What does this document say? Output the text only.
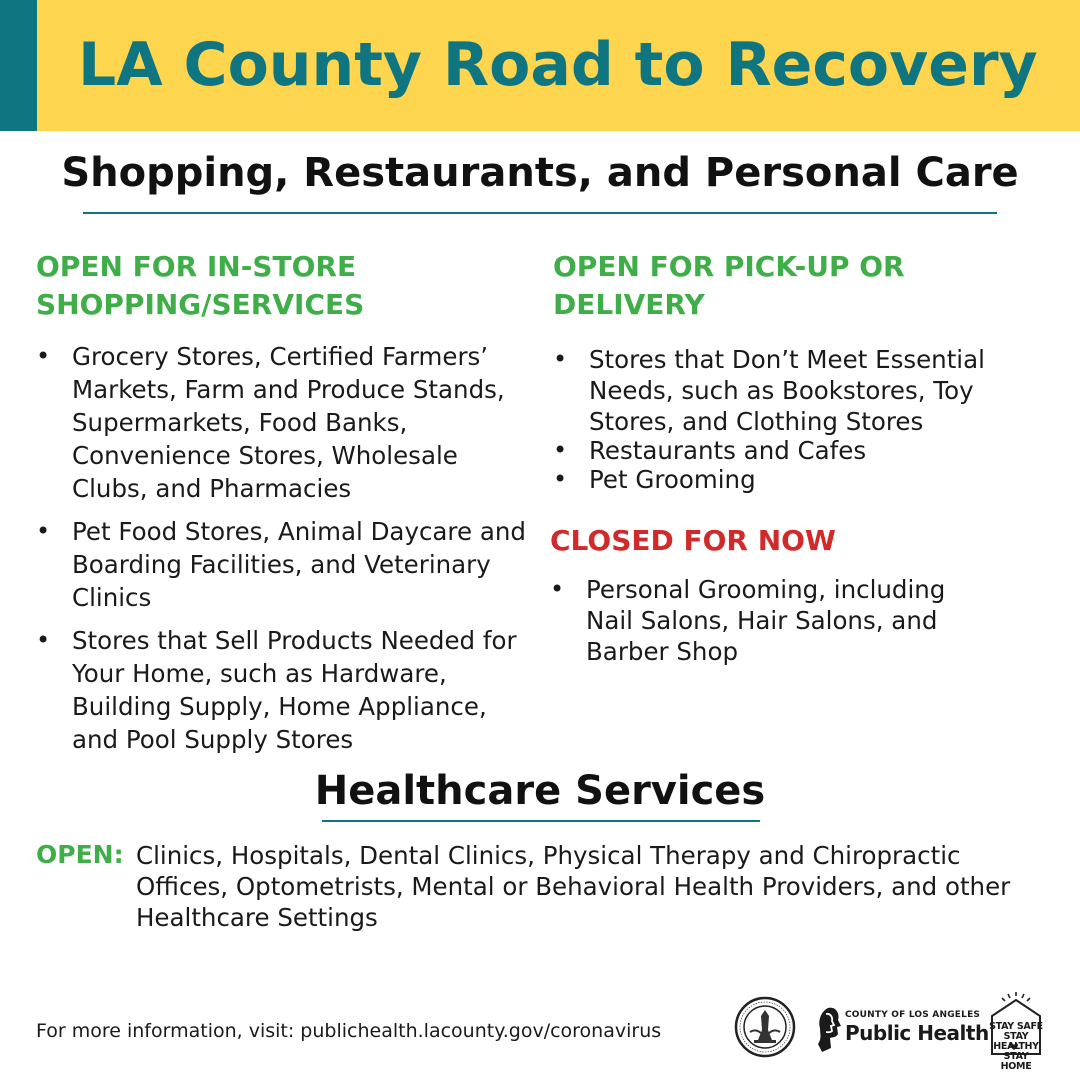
LA County Road to Recovery
Shopping, Restaurants, and Personal Care
OPEN FOR IN-STORE
SHOPPING/SERVICES
• Grocery Stores, Certified Farmers’ Markets, Farm and Produce Stands, Supermarkets, Food Banks, Convenience Stores, Wholesale Clubs, and Pharmacies
• Pet Food Stores, Animal Daycare and Boarding Facilities, and Veterinary Clinics
• Stores that Sell Products Needed for Your Home, such as Hardware, Building Supply, Home Appliance, and Pool Supply Stores
OPEN FOR PICK-UP OR
DELIVERY
• Stores that Don’t Meet Essential Needs, such as Bookstores, Toy Stores, and Clothing Stores
• Restaurants and Cafes
• Pet Grooming
CLOSED FOR NOW
• Personal Grooming, including Nail Salons, Hair Salons, and Barber Shop
Healthcare Services
OPEN: Clinics, Hospitals, Dental Clinics, Physical Therapy and Chiropractic Offices, Optometrists, Mental or Behavioral Health Providers, and other Healthcare Settings
For more information, visit: publichealth.lacounty.gov/coronavirus
COUNTY OF LOS ANGELES
Public Health STAY SAFE
STAY HEALTHY
STAY HOME
